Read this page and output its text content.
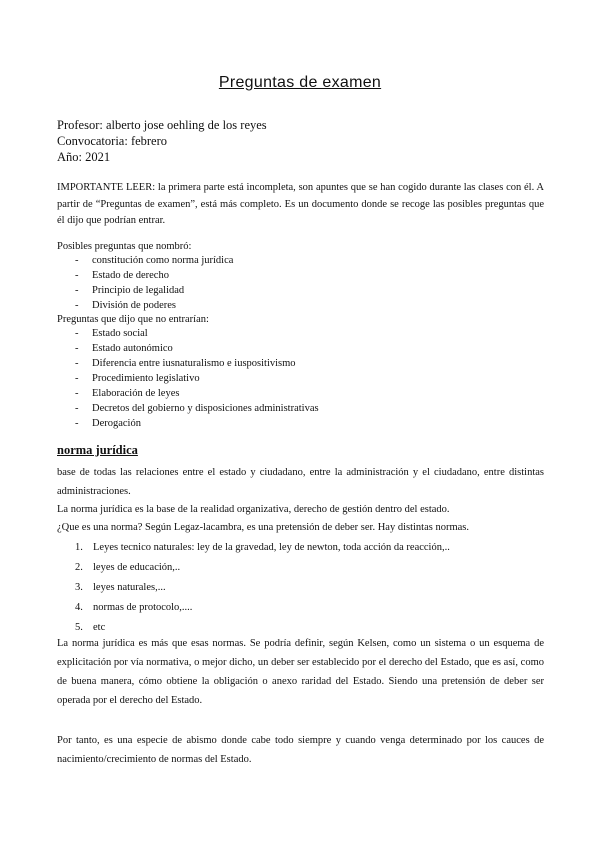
Preguntas de examen
Profesor: alberto jose oehling de los reyes
Convocatoria: febrero
Año: 2021
IMPORTANTE LEER: la primera parte está incompleta, son apuntes que se han cogido durante las clases con él. A partir de “Preguntas de examen”, está más completo. Es un documento donde se recoge las posibles preguntas que él dijo que podrían entrar.
Posibles preguntas que nombró:
- constitución como norma jurídica
- Estado de derecho
- Principio de legalidad
- División de poderes
Preguntas que dijo que no entrarían:
- Estado social
- Estado autonómico
- Diferencia entre iusnaturalismo e iuspositivismo
- Procedimiento legislativo
- Elaboración de leyes
- Decretos del gobierno y disposiciones administrativas
- Derogación
norma jurídica
base de todas las relaciones entre el estado y ciudadano, entre la administración y el ciudadano, entre distintas administraciones.
La norma jurídica es la base de la realidad organizativa, derecho de gestión dentro del estado.
¿Que es una norma? Según Legaz-lacambra, es una pretensión de deber ser. Hay distintas normas.
1. Leyes tecnico naturales: ley de la gravedad, ley de newton, toda acción da reacción,..
2. leyes de educación,..
3. leyes naturales,...
4. normas de protocolo,....
5. etc
La norma jurídica es más que esas normas. Se podría definir, según Kelsen, como un sistema o un esquema de explicitación por vía normativa, o mejor dicho, un deber ser establecido por el derecho del Estado, que es así, como de buena manera, cómo obtiene la obligación o anexo raridad del Estado. Siendo una pretensión de deber ser operada por el derecho del Estado.
Por tanto, es una especie de abismo donde cabe todo siempre y cuando venga determinado por los cauces de nacimiento/crecimiento de normas del Estado.
